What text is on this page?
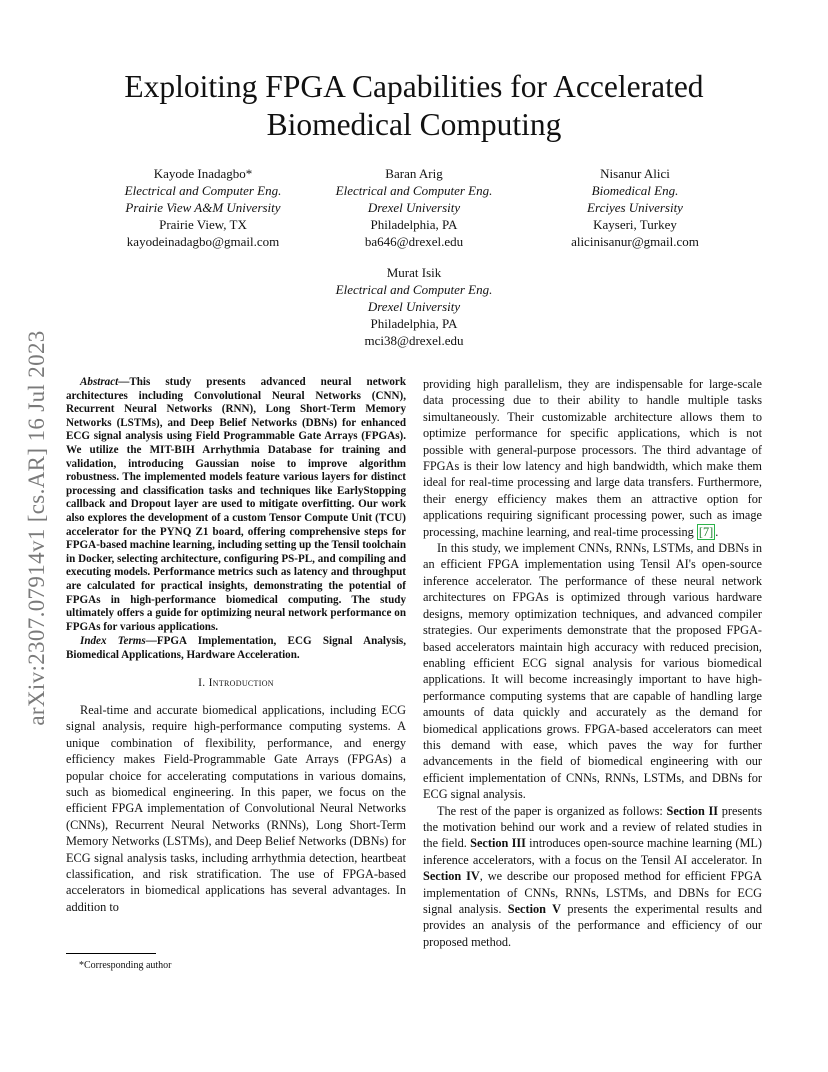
Exploiting FPGA Capabilities for Accelerated
Biomedical Computing
Kayode Inadagbo*
Electrical and Computer Eng.
Prairie View A&M University
Prairie View, TX
kayodeinadagbo@gmail.com
Baran Arig
Electrical and Computer Eng.
Drexel University
Philadelphia, PA
ba646@drexel.edu
Nisanur Alici
Biomedical Eng.
Erciyes University
Kayseri, Turkey
alicinisanur@gmail.com
Murat Isik
Electrical and Computer Eng.
Drexel University
Philadelphia, PA
mci38@drexel.edu
arXiv:2307.07914v1 [cs.AR] 16 Jul 2023	Abstract—This study presents advanced neural network architectures including Convolutional Neural Networks (CNN), Recurrent Neural Networks (RNN), Long Short-Term Memory Networks (LSTMs), and Deep Belief Networks (DBNs) for enhanced ECG signal analysis using Field Programmable Gate Arrays (FPGAs). We utilize the MIT-BIH Arrhythmia Database for training and validation, introducing Gaussian noise to improve algorithm robustness. The implemented models feature various layers for distinct processing and classification tasks and techniques like EarlyStopping callback and Dropout layer are used to mitigate overfitting. Our work also explores the development of a custom Tensor Compute Unit (TCU) accelerator for the PYNQ Z1 board, offering comprehensive steps for FPGA-based machine learning, including setting up the Tensil toolchain in Docker, selecting architecture, configuring PS-PL, and compiling and executing models. Performance metrics such as latency and throughput are calculated for practical insights, demonstrating the potential of FPGAs in high-performance biomedical computing. The study ultimately offers a guide for optimizing neural network performance on FPGAs for various applications.
Index Terms—FPGA Implementation, ECG Signal Analysis, Biomedical Applications, Hardware Acceleration.
I. Introduction

Real-time and accurate biomedical applications, including ECG signal analysis, require high-performance computing systems. A unique combination of flexibility, performance, and energy efficiency makes Field-Programmable Gate Arrays (FPGAs) a popular choice for accelerating computations in various domains, such as biomedical engineering. In this paper, we focus on the efficient FPGA implementation of Convolutional Neural Networks (CNNs), Recurrent Neural Networks (RNNs), Long Short-Term Memory Networks (LSTMs), and Deep Belief Networks (DBNs) for ECG signal analysis tasks, including arrhythmia detection, heartbeat classification, and risk stratification. The use of FPGA-based accelerators in biomedical applications has several advantages. In addition to

*Corresponding author

providing high parallelism, they are indispensable for large-scale data processing due to their ability to handle multiple tasks simultaneously. Their customizable architecture allows them to optimize performance for specific applications, which is not possible with general-purpose processors. The third advantage of FPGAs is their low latency and high bandwidth, which make them ideal for real-time processing and large data transfers. Furthermore, their energy efficiency makes them an attractive option for applications requiring significant processing power, such as image processing, machine learning, and real-time processing [7] .

In this study, we implement CNNs, RNNs, LSTMs, and DBNs in an efficient FPGA implementation using Tensil AI's open-source inference accelerator. The performance of these neural network architectures on FPGAs is optimized through various hardware designs, memory optimization techniques, and advanced compiler strategies. Our experiments demonstrate that the proposed FPGA-based accelerators maintain high accuracy with reduced precision, enabling efficient ECG signal analysis for various biomedical applications. It will become increasingly important to have high-performance computing systems that are capable of handling large amounts of data quickly and accurately as the demand for biomedical applications grows. FPGA-based accelerators can meet this demand with ease, which paves the way for further advancements in the field of biomedical engineering with our efficient implementation of CNNs, RNNs, LSTMs, and DBNs for ECG signal analysis.

The rest of the paper is organized as follows: Section II presents the motivation behind our work and a review of related studies in the field. Section III introduces open-source machine learning (ML) inference accelerators, with a focus on the Tensil AI accelerator. In Section IV, we describe our proposed method for efficient FPGA implementation of CNNs, RNNs, LSTMs, and DBNs for ECG signal analysis. Section V presents the experimental results and provides an analysis of the performance and efficiency of our proposed method.
